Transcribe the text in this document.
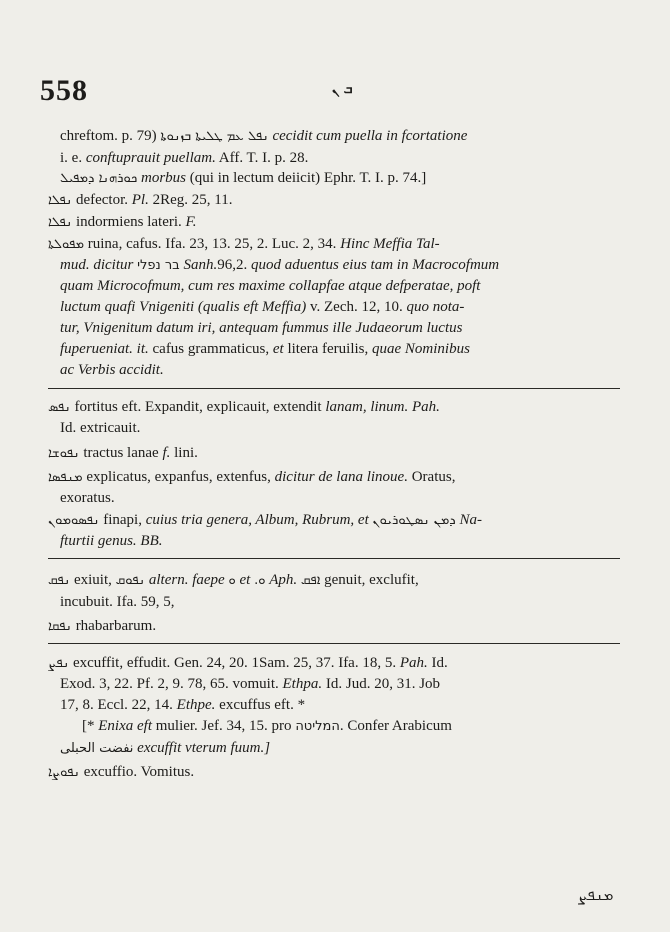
558	ܒ ܢ
chreftom. p. 79) ܢܦܠ ܥܡ ܛܠܝܬܐ ܒܙܢܘܬܐ cecidit cum puella in fcortatione
i. e. conftuprauit puellam. Aff. T. I. p. 28.
ܟܘܪܗܢܐ ܕܡܦܝܠ morbus (qui in lectum deiicit) Ephr. T. I. p. 74.]
ܢܦܠܐ defector. Pl. 2Reg. 25, 11.
ܢܦܠܐ indormiens lateri. F.
ܡܦܘܠܬܐ ruina, cafus. Ifa. 23, 13. 25, 2. Luc. 2, 34. Hinc Meffia Tal-
mud. dicitur בר נפלי Sanh.96,2. quod aduentus eius tam in Macrocofmum
quam Microcofmum, cum res maxime collapfae atque defperatae, poft
luctum quafi Vnigeniti (qualis eft Meffia) v. Zech. 12, 10. quo nota-
tur, Vnigenitum datum iri, antequam fummus ille Judaeorum luctus
fuperueniat. it. cafus grammaticus, et litera feruilis, quae Nominibus
ac Verbis accidit.
ܢܦܣ fortitus eft. Expandit, explicauit, extendit lanam, linum. Pah.
Id. extricauit.
ܢܦܘܫܐ tractus lanae f. lini.
ܡܢܦܣܐ explicatus, expanfus, extenfus, dicitur de lana linoue. Oratus,
exoratus.
ܢܦܣܘܡܘܢ finapi, cuius tria genera, Album, Rubrum, et ܕܡܢ ܢܣܛܘܪܝܘܢ Na-
fturtii genus. BB.
ܢܦܩ exiuit, ܢܦܘܩ altern. faepe ܘ et ܘ. Aph. ܐܦܩ genuit, exclufit,
incubuit. Ifa. 59, 5,
ܢܦܩܐ rhabarbarum.
ܢܦܨ excuffit, effudit. Gen. 24, 20. 1Sam. 25, 37. Ifa. 18, 5. Pah. Id.
Exod. 3, 22. Pf. 2, 9. 78, 65. vomuit. Ethpa. Id. Jud. 20, 31. Job
17, 8. Eccl. 22, 14. Ethpe. excuffus eft. *
[* Enixa eft mulier. Jef. 34, 15. pro המליטה. Confer Arabicum
نفضت الحبلى excuffit vterum fuum.]
ܢܦܘܨܐ excuffio. Vomitus.
ܡܢܦܨ
